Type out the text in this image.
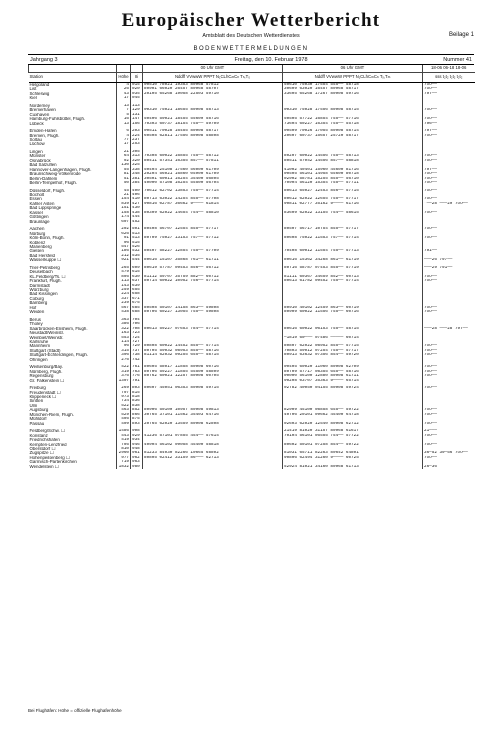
Europäischer Wetterbericht
Amtsblatt des Deutschen Wetterdienstes	Beilage 1
BODENWETTERMELDUNGEN
Jahrgang 3	Freitag, den 10. Februar 1978	Nummer 41
			00 Uhr GMT	06 Uhr GMT	18-06 06-18 18-06
Station	Höhe	IIi	Nddff VVwwW PPPT N₁CLhCₘCₕ Tₙ,T₀	Nddff VVwwW PPPT N₁CLhCₘCₕ Tₓ,Tₘ	sss t₂t₂ t₂t₂ t₂t₂
Helgoland	4	015	00510 78021 19353 80968 57812	50610 75030 17554 555── 58718	7oo──
List	26	020	80901 66020 26457 80968 58707	30609 63020 16457 80968 58717	7oo──
Schleswig	43	035	20105 65268 19058 22503 59710	33605 65268 17267 80908 59716	797──
Kiel	17	045			

Norderney	13	113			
Bremerhaven	7	129	00310 75021 18655 80908 58713	00310 75028 17556 80908 58715	7oo──
Cuxhaven	5	131			
Hamburg-Fuhlsbüttel, Flugh.	16	147	50406 59021 18455 55609 58716	50505 57722 16854 755── 57716	7oo──
Lübeck	13	156	70303 60737 18154 755── 59709	73604 60227 16354 755── 55718	796──

Emden-Hafen	6	203	00511 70028 16455 80908 58717	00509 70026 17055 80908 58714	797──
Bremen, Flugh.	4	224	60508 62811 17556 80908 58808	20607 60737 15657 25720 58717	7oo──
Soltau	77	237			
Lüchow	17	253			

Lingen	21	305			
Münster	64	313	70308 60022 16855 755── 58712	80207 60022 14556 755── 58713	7oo──
Osnabrück	92	320	80411 57341 16355 857── 57811	80511 57042 14556 857── 58818	7oo──
Bad Salzuflen	130	325			
Hannover-Langenhagen, Flugh.	55	338	50404 25108 17560 56000 61709	41002 40401 15960 45600 81716	797──
Braunschweig-Völkenrode	81	348	20204 56021 16860 05900 61709	00505 56101 14958 65600 80718	7oo──
Berlin-Dahlem	51	381	30501 60011 16254 35400 56805	02902 58781 15255 855── 56710	7oo──
Berlin-Tempelhof, Flugh.	50	384	40000 57108 16254 55500 56704	70904 56120 15354 755── 57711	7oo──

Düsseldorf, Flugh.	45	400	70612 62702 13853 755── 57714	80613 65027 12453 856── 57715	7oo──
Bocholt	21	406			
Essen	154	410	80713 63022 14254 855── 57708	80612 62022 12655 755── 57717	7oo──
Kahler Asten	839	427	90816 02787 36662 9──── 61814	90811 02777 35162 9──── 61716	*──28 ───29 7oo──
Bad Lippspringe	151	430			
Kassel	158	438	80309 62022 14654 754── 58810	83609 62022 13155 754── 58615	7oo──
Göttingen	174	444			
Braunlage	607	452			

Aachen	202	501	80408 56707 12554 855── 57717	80507 56717 10754 855── 57717	7oo──
Nürburg	626	513			
Köln-Bonn, Flugh.	91	513	80709 75027 13153 757── 57712	80608 75022 11553 757── 57714	7oo──
Koblenz	96	515			
Marienberg	547	526			
Gießen	186	532	80407 58227 12854 755── 57709	70408 60012 11554 755── 57713	791──
Bad Hersfeld	212	535			
Wasserkuppe ☐	921	544	80616 15107 35868 761── 61711	80616 15362 34268 861── 61719	───26 797──

Trier-Petrisberg	265	609	80619 57787 09453 856── 56712	80716 58787 07453 855── 57719	───29 791──
Deuselbach	479	615			
KL.Feldberg/Ts. ☐	805	630	81112 59707 35759 882── 60712	81111 60367 34659 852── 60713	7oo──
Frankfurt, Flugh.	113	637	80714 60022 10952 756── 57714	80613 61782 09452 755── 57714	7oo──
Darmstadt	143	639			
Würzburg	259	655			
Bad Kissingen	224	658			
Coburg	337	671			
Bamberg	239	675			
Hof	567	685	80508 50107 14158 863── 59808	80910 40102 12459 863── 60719	7oo──
Weiden	438	688	80706 60227 13055 755── 59808	80909 60022 11556 755── 60716	7oo──

Berus	363	704			
Tholey	386	706			
Saarbrücken-Ensheim, Flugh.	322	708	80613 59227 07653 784── 57714	80616 60022 06153 755── 58715	───28 ───28 797──
Neustadt/Weinstr.	163	723			
Weinbiet/Weinstr.	553	724		─1819 60─── 07486 ───── 60714	
Karlsruhe	114	727			
Mannheim	96	729	80808 60022 14452 855── 57714	80807 62022 08952 855── 57715	7oo──
Stuttgart (Stadt)	315	737	80705 59032 08953 855── 58716	70803 59012 07254 755── 57717	7oo──
Stuttgart-Echterdingen, Flugh.	396	738	81114 62032 09255 655── 58715	80913 63632 07356 854── 59720	7oo──
Öhringen	276	742			

Weißenburg/Bay.	422	761	80605 58017 11858 80908 60716	00405 60020 11060 80908 62709	7oo──
Nürnberg, Flugh.	319	763	80706 59227 11855 55500 58809	80709 57717 08355 655── 58716	7oo──
Regensburg	376	776	80762 60021 12257 80908 60705	00000 56100 12880 80908 61711	7oo──
Gr. Falkenstein ☐	1307	791		90208 03707 35363 9──── 65714	

Freiburg	269	803	80607 45051 06353 80908 59715	02782 40050 04155 80908 59724	7oo──
Freudenstadt ☐	797	815			
Klippeneck ☐	973	818			
Sintten	734	836			
Ulm	522	838			
Augsburg	463	852	80906 50109 10957 80908 59813	82909 45100 08858 655── 59722	7oo──
München-Riem, Flugh.	529	866	30765 37101 11562 35403 64716	40706 20101 09662 45400 64718	7oo──
Mühldorf	405	875			
Passau	409	893	20765 62020 13559 80908 62808	02603 62020 12540 80908 62712	7oo──

Feldberg/Schw. ☐	1486	908		21419 81020 31157 80968 61617	21───
Konstanz	443	929	41236 57101 07855 454── 57614	70104 56101 05555 754── 57722	7oo──
Friedrichshafen	419	934			
Kempten-Lenzfried	705	946	40904 56102 09058 45400 58818	80602 50101 07258 854── 59722	7oo──
Oberstdorf ☐	810	948			
Zugspitze ☐	2960	961	81233 84030 82266 10665 68802	81031 65711 82263 80642 64801	36─52 39─56 7oo──
Hohenpeißenberg ☐	977	962	80805 02412 33159 86─── 62713	90806 62494 31260 9──── 60725	7oo──
Garmisch-Partenkirchen	719	963			
Wendelstein ☐	1832	980		52924 81021 34160 80968 61713	26─36
Bei Flughäfen: Höhe = offizielle Flughafenhöhe
